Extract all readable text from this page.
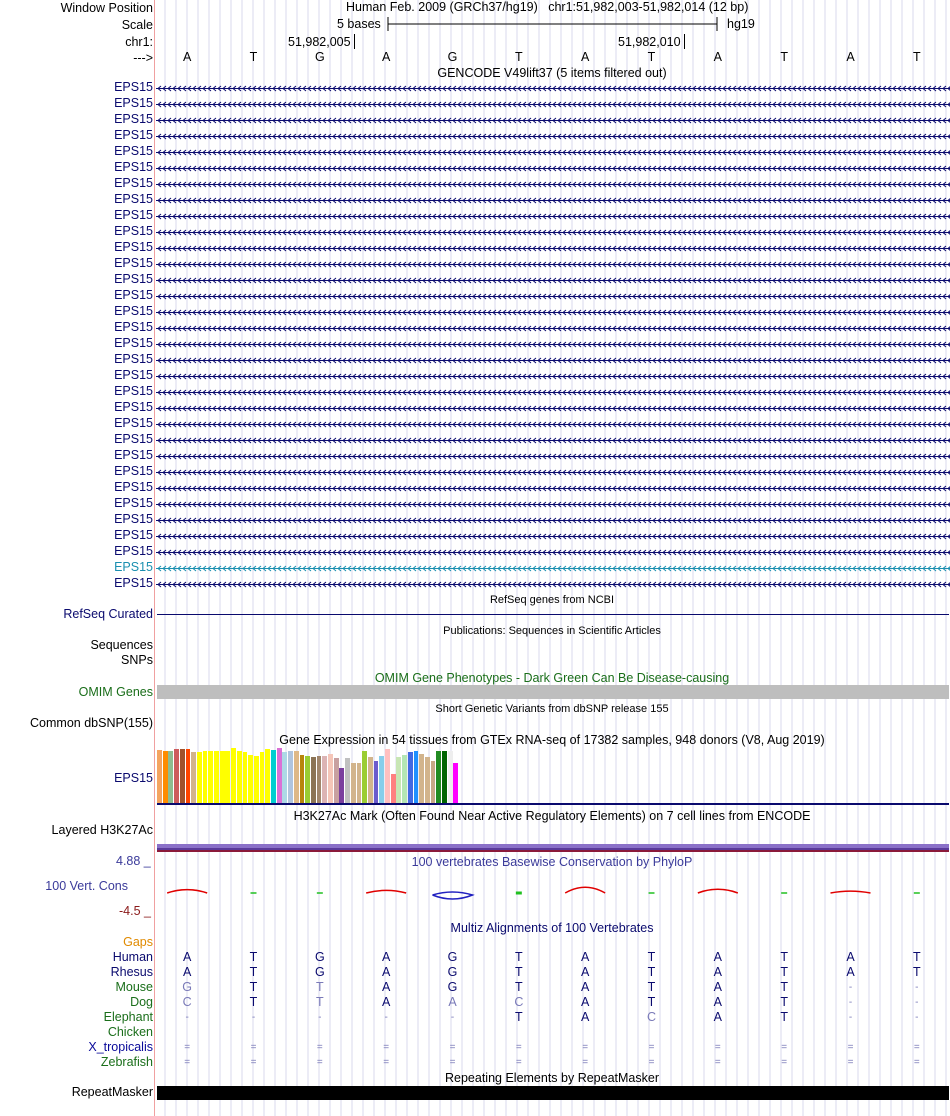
Window Position
Scale
chr1:
--->
Human Feb. 2009 (GRCh37/hg19) chr1:51,982,003-51,982,014 (12 bp)
5 bases	hg19
51,982,005	51,982,010
A	T	G	A	G	T	A	T	A	T	A	T
GENCODE V49lift37 (5 items filtered out)
EPS15
EPS15
EPS15
EPS15
EPS15
EPS15
EPS15
EPS15
EPS15
EPS15
EPS15
EPS15
EPS15
EPS15
EPS15
EPS15
EPS15
EPS15
EPS15
EPS15
EPS15
EPS15
EPS15
EPS15
EPS15
EPS15
EPS15
EPS15
EPS15
EPS15
EPS15
EPS15
RefSeq genes from NCBI
RefSeq Curated
Publications: Sequences in Scientific Articles
Sequences
SNPs
OMIM Gene Phenotypes - Dark Green Can Be Disease-causing
OMIM Genes
Short Genetic Variants from dbSNP release 155
Common dbSNP(155)
Gene Expression in 54 tissues from GTEx RNA-seq of 17382 samples, 948 donors (V8, Aug 2019)
EPS15
H3K27Ac Mark (Often Found Near Active Regulatory Elements) on 7 cell lines from ENCODE
Layered H3K27Ac
100 vertebrates Basewise Conservation by PhyloP
4.88 _
100 Vert. Cons
-4.5 _
Multiz Alignments of 100 Vertebrates
Gaps
Human A	T	G	A	G	T	A	T	A	T	A	T
Rhesus A	T	G	A	G	T	A	T	A	T	A	T
Mouse G	T	T	A	G	T	A	T	A	T	-	-
Dog C	T	T	A	A	C	A	T	A	T	-	-
Elephant	-	-	-	-	-	T	A	C	A	T	-	-
Chicken
X_tropicalis	=	=	=	=	=	=	=	=	=	=	=	=
Zebrafish	=	=	=	=	=	=	=	=	=	=	=	=
Repeating Elements by RepeatMasker
RepeatMasker
